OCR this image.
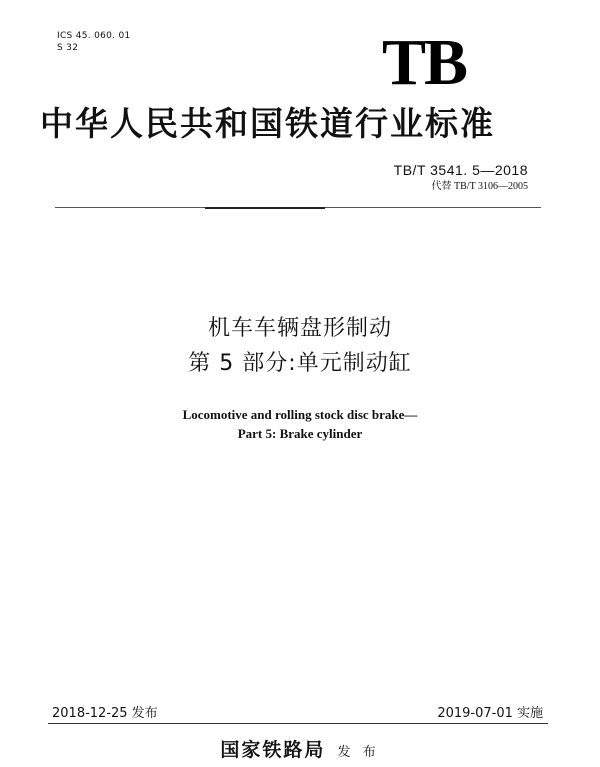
ICS 45. 060. 01
S 32	TB
中华人民共和国铁道行业标准
TB/T 3541. 5—2018
代替 TB/T 3106—2005
机车车辆盘形制动
第 5 部分:单元制动缸
Locomotive and rolling stock disc brake—
Part 5: Brake cylinder
2018-12-25 发布	2019-07-01 实施
国家铁路局 发 布
